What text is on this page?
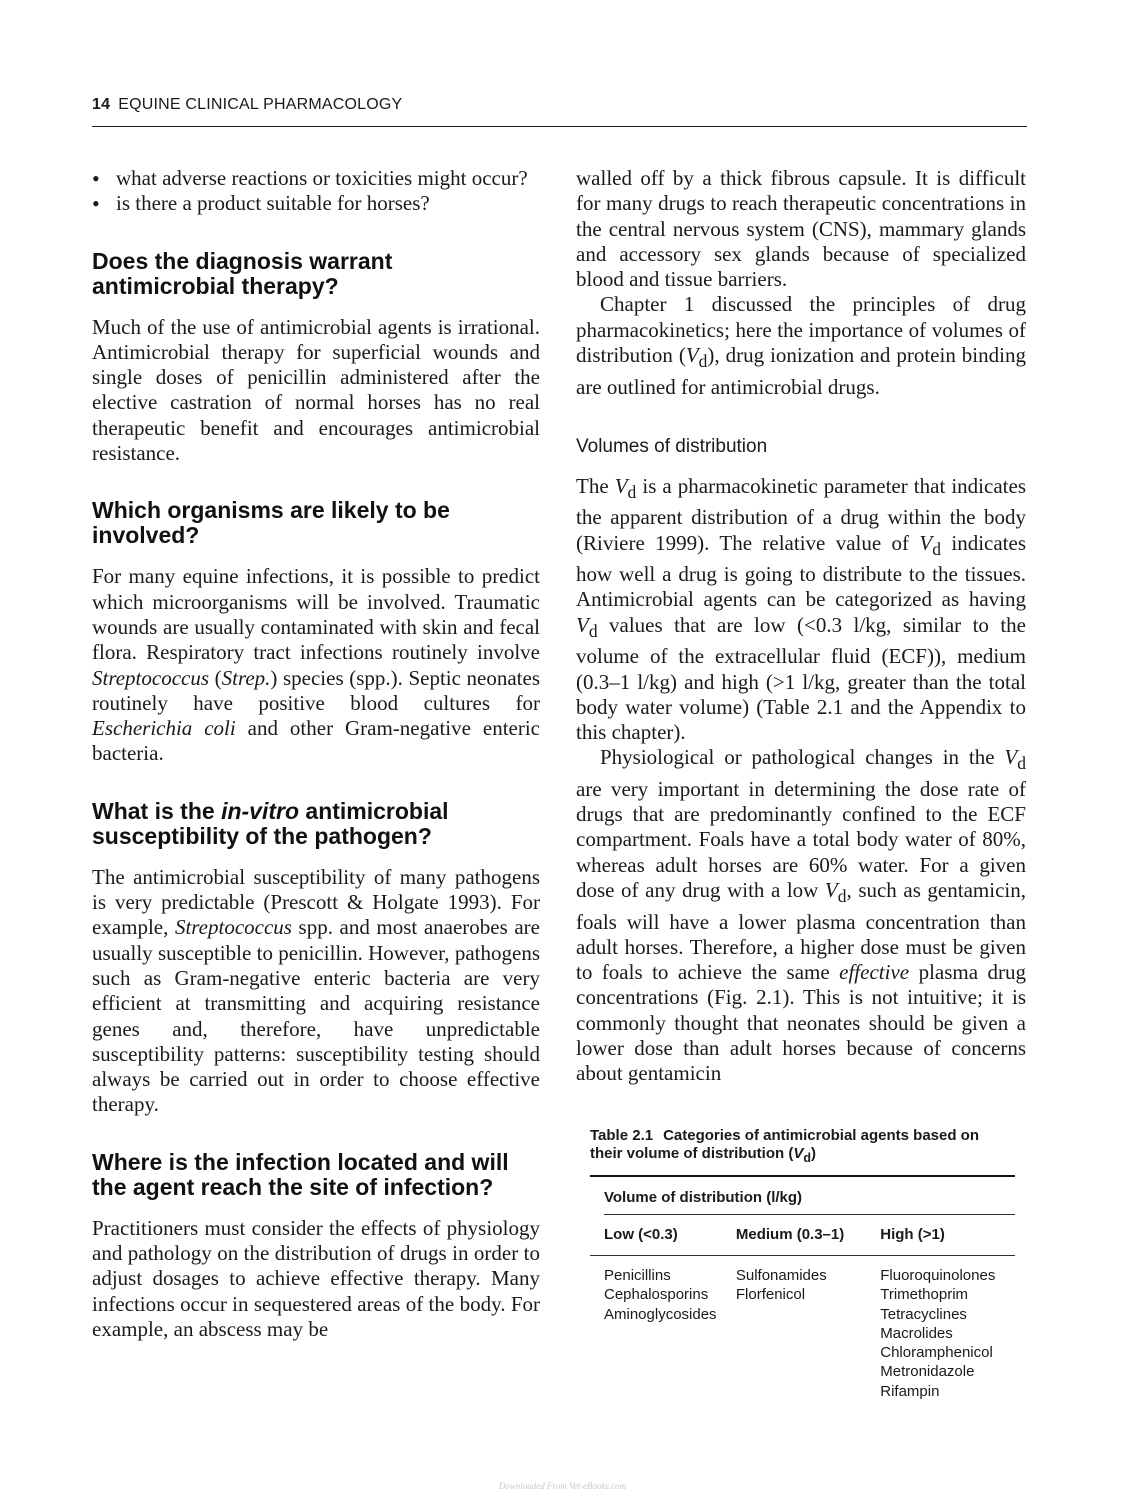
14 EQUINE CLINICAL PHARMACOLOGY
• what adverse reactions or toxicities might occur?
• is there a product suitable for horses?
Does the diagnosis warrant antimicrobial therapy?

Much of the use of antimicrobial agents is irrational. Antimicrobial therapy for superficial wounds and single doses of penicillin administered after the elective castration of normal horses has no real therapeutic benefit and encourages antimicrobial resistance.

Which organisms are likely to be involved?

For many equine infections, it is possible to predict which microorganisms will be involved. Traumatic wounds are usually contaminated with skin and fecal flora. Respiratory tract infections routinely involve Streptococcus (Strep.) species (spp.). Septic neonates routinely have positive blood cultures for Escherichia coli and other Gram-negative enteric bacteria.

What is the in-vitro antimicrobial susceptibility of the pathogen?

The antimicrobial susceptibility of many pathogens is very predictable (Prescott & Holgate 1993). For example, Streptococcus spp. and most anaerobes are usually susceptible to penicillin. However, pathogens such as Gram-negative enteric bacteria are very efficient at transmitting and acquiring resistance genes and, therefore, have unpredictable susceptibility patterns: susceptibility testing should always be carried out in order to choose effective therapy.

Where is the infection located and will the agent reach the site of infection?

Practitioners must consider the effects of physiology and pathology on the distribution of drugs in order to adjust dosages to achieve effective therapy. Many infections occur in sequestered areas of the body. For example, an abscess may be

walled off by a thick fibrous capsule. It is difficult for many drugs to reach therapeutic concentrations in the central nervous system (CNS), mammary glands and accessory sex glands because of specialized blood and tissue barriers.

Chapter 1 discussed the principles of drug pharmacokinetics; here the importance of volumes of distribution $(V_d)$, drug ionization and protein binding are outlined for antimicrobial drugs.

Volumes of distribution

The $V_d$ is a pharmacokinetic parameter that indicates the apparent distribution of a drug within the body (Riviere 1999). The relative value of $V_d$ indicates how well a drug is going to distribute to the tissues. Antimicrobial agents can be categorized as having $V_d$ values that are low (<0.3 l/kg, similar to the volume of the extracellular fluid (ECF)), medium (0.3–1 l/kg) and high (>1 l/kg, greater than the total body water volume) (Table 2.1 and the Appendix to this chapter).

Physiological or pathological changes in the $V_d$ are very important in determining the dose rate of drugs that are predominantly confined to the ECF compartment. Foals have a total body water of 80%, whereas adult horses are 60% water. For a given dose of any drug with a low $V_d$, such as gentamicin, foals will have a lower plasma concentration than adult horses. Therefore, a higher dose must be given to foals to achieve the same effective plasma drug concentrations (Fig. 2.1). This is not intuitive; it is commonly thought that neonates should be given a lower dose than adult horses because of concerns about gentamicin

Table 2.1 Categories of antimicrobial agents based on their volume of distribution $(V_d)$

Volume of distribution (l/kg)
Low (<0.3)	Medium (0.3–1)	High (>1)
Penicillins
Cephalosporins
Aminoglycosides
Sulfonamides
Florfenicol
Fluoroquinolones
Trimethoprim
Tetracyclines
Macrolides
Chloramphenicol
Metronidazole
Rifampin
Downloaded From Vet-eBooks.com
